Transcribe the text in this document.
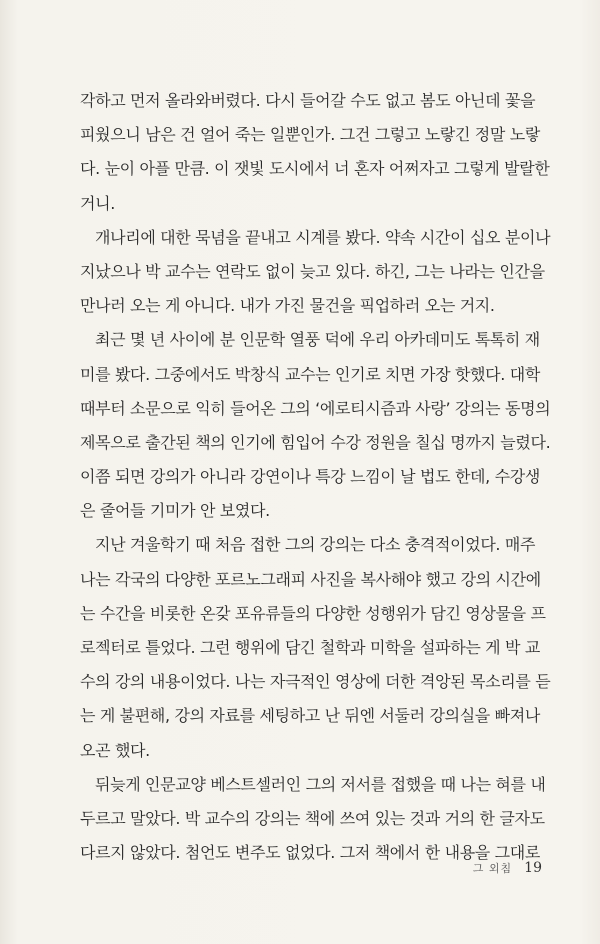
각하고 먼저 올라와버렸다. 다시 들어갈 수도 없고 봄도 아닌데 꽃을
피웠으니 남은 건 얼어 죽는 일뿐인가. 그건 그렇고 노랗긴 정말 노랗
다. 눈이 아플 만큼. 이 잿빛 도시에서 너 혼자 어쩌자고 그렇게 발랄한
거니.
개나리에 대한 묵념을 끝내고 시계를 봤다. 약속 시간이 십오 분이나
지났으나 박 교수는 연락도 없이 늦고 있다. 하긴, 그는 나라는 인간을
만나러 오는 게 아니다. 내가 가진 물건을 픽업하러 오는 거지.
최근 몇 년 사이에 분 인문학 열풍 덕에 우리 아카데미도 톡톡히 재
미를 봤다. 그중에서도 박창식 교수는 인기로 치면 가장 핫했다. 대학
때부터 소문으로 익히 들어온 그의 ‘에로티시즘과 사랑’ 강의는 동명의
제목으로 출간된 책의 인기에 힘입어 수강 정원을 칠십 명까지 늘렸다.
이쯤 되면 강의가 아니라 강연이나 특강 느낌이 날 법도 한데, 수강생
은 줄어들 기미가 안 보였다.
지난 겨울학기 때 처음 접한 그의 강의는 다소 충격적이었다. 매주
나는 각국의 다양한 포르노그래피 사진을 복사해야 했고 강의 시간에
는 수간을 비롯한 온갖 포유류들의 다양한 성행위가 담긴 영상물을 프
로젝터로 틀었다. 그런 행위에 담긴 철학과 미학을 설파하는 게 박 교
수의 강의 내용이었다. 나는 자극적인 영상에 더한 격앙된 목소리를 듣
는 게 불편해, 강의 자료를 세팅하고 난 뒤엔 서둘러 강의실을 빠져나
오곤 했다.
뒤늦게 인문교양 베스트셀러인 그의 저서를 접했을 때 나는 혀를 내
두르고 말았다. 박 교수의 강의는 책에 쓰여 있는 것과 거의 한 글자도
다르지 않았다. 첨언도 변주도 없었다. 그저 책에서 한 내용을 그대로
그 외침 19
